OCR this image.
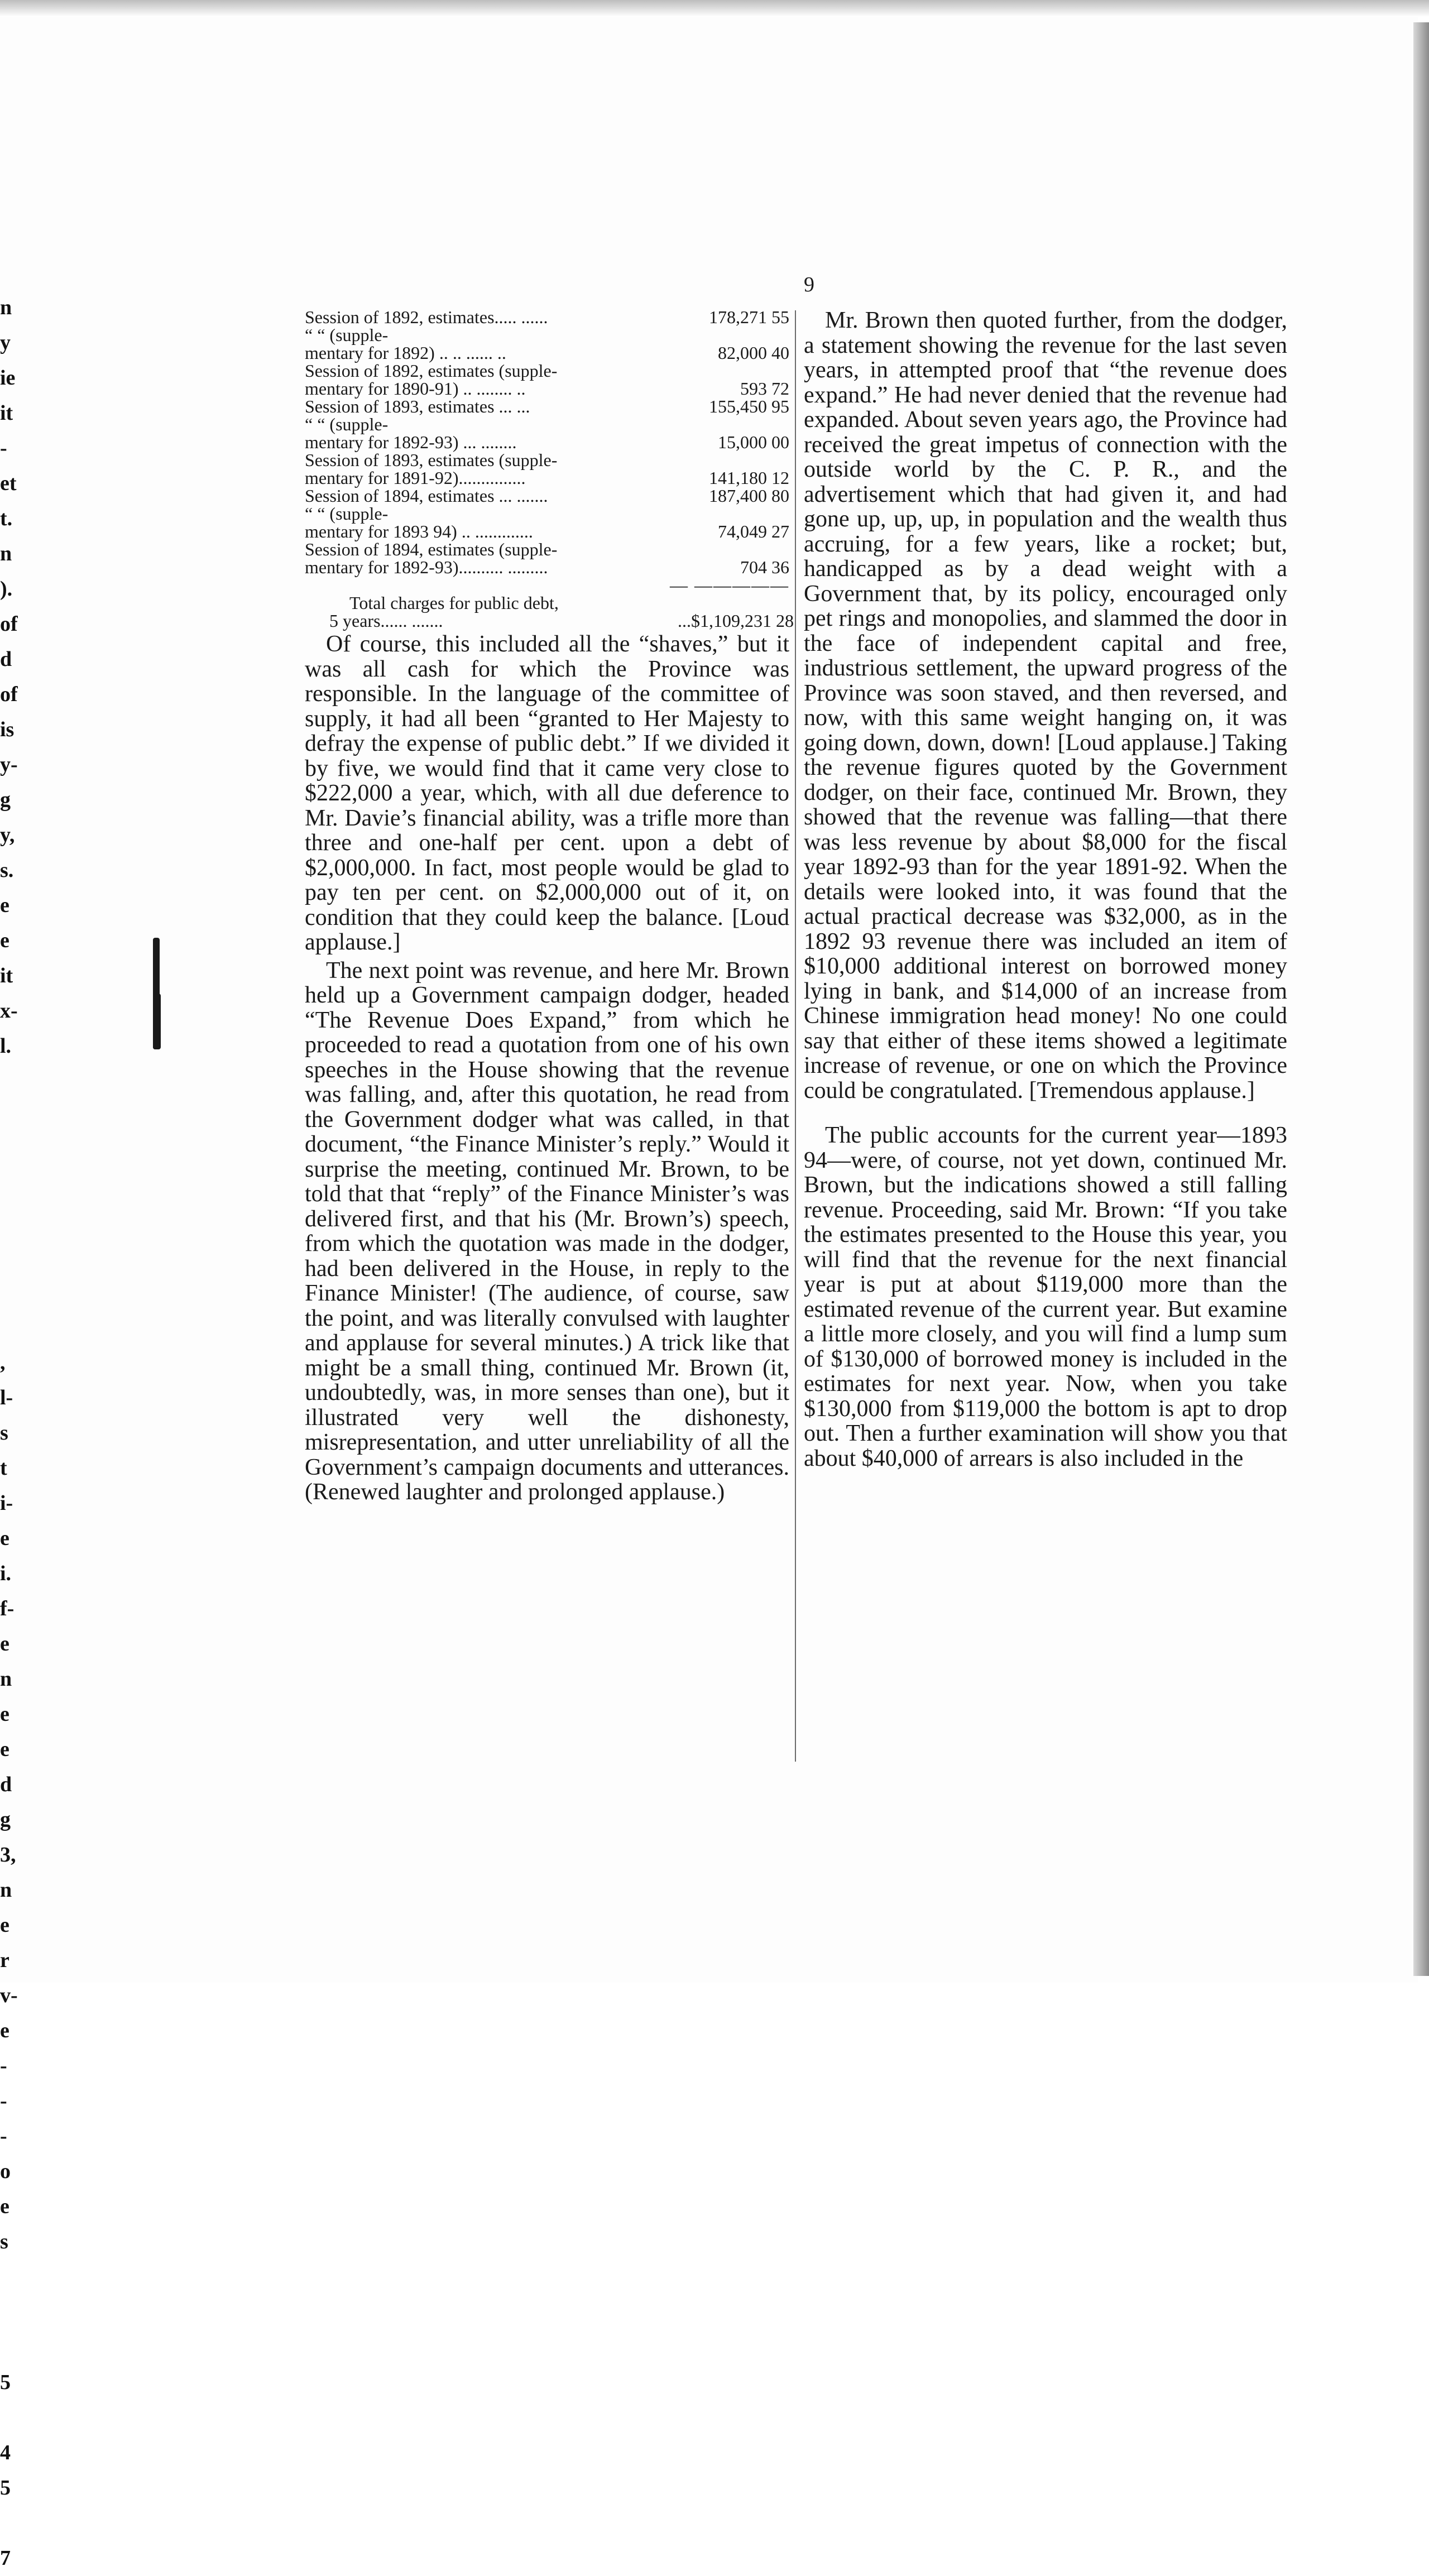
n
y
ie
it
-
et
t.
n
).
of
d
of
is
y-
g
y,
s.
e
e
it
x-
l.
,
l-
s
t
i-
e
i.
f-
e
n
e
e
d
g
3,
n
e
r
v-
e
-
-
-
o
e
s
5
4
5
7
9
Session of 1892, estimates..... ......	178,271 55
“ “ (supple-
mentary for 1892) .. .. ...... ..	82,000 40
Session of 1892, estimates (supple-
mentary for 1890-91) .. ........ ..	593 72
Session of 1893, estimates ... ...	155,450 95
“ “ (supple-
mentary for 1892-93) ... ........	15,000 00
Session of 1893, estimates (supple-
mentary for 1891-92)...............	141,180 12
Session of 1894, estimates ... .......	187,400 80
“ “ (supple-
mentary for 1893 94) .. .............	74,049 27
Session of 1894, estimates (supple-
mentary for 1892-93).......... .........	704 36
— —————
Total charges for public debt,
5 years...... .......	...$1,109,231 28

Of course, this included all the “shaves,” but it was all cash for which the Province was responsible. In the language of the committee of supply, it had all been “granted to Her Majesty to defray the expense of public debt.” If we divided it by five, we would find that it came very close to $222,000 a year, which, with all due deference to Mr. Davie’s financial ability, was a trifle more than three and one-half per cent. upon a debt of $2,000,000. In fact, most people would be glad to pay ten per cent. on $2,000,000 out of it, on condition that they could keep the balance. [Loud applause.]

The next point was revenue, and here Mr. Brown held up a Government campaign dodger, headed “The Revenue Does Expand,” from which he proceeded to read a quotation from one of his own speeches in the House showing that the revenue was falling, and, after this quotation, he read from the Government dodger what was called, in that document, “the Finance Minister’s reply.” Would it surprise the meeting, continued Mr. Brown, to be told that that “reply” of the Finance Minister’s was delivered first, and that his (Mr. Brown’s) speech, from which the quotation was made in the dodger, had been delivered in the House, in reply to the Finance Minister! (The audience, of course, saw the point, and was literally convulsed with laughter and applause for several minutes.) A trick like that might be a small thing, continued Mr. Brown (it, undoubtedly, was, in more senses than one), but it illustrated very well the dishonesty, misrepresentation, and utter unreliability of all the Government’s campaign documents and utterances. (Renewed laughter and prolonged applause.)

Mr. Brown then quoted further, from the dodger, a statement showing the revenue for the last seven years, in attempted proof that “the revenue does expand.” He had never denied that the revenue had expanded. About seven years ago, the Province had received the great impetus of connection with the outside world by the C. P. R., and the advertisement which that had given it, and had gone up, up, up, in population and the wealth thus accruing, for a few years, like a rocket; but, handicapped as by a dead weight with a Government that, by its policy, encouraged only pet rings and monopolies, and slammed the door in the face of independent capital and free, industrious settlement, the upward progress of the Province was soon staved, and then reversed, and now, with this same weight hanging on, it was going down, down, down! [Loud applause.] Taking the revenue figures quoted by the Government dodger, on their face, continued Mr. Brown, they showed that the revenue was falling—that there was less revenue by about $8,000 for the fiscal year 1892-93 than for the year 1891-92. When the details were looked into, it was found that the actual practical decrease was $32,000, as in the 1892 93 revenue there was included an item of $10,000 additional interest on borrowed money lying in bank, and $14,000 of an increase from Chinese immigration head money! No one could say that either of these items showed a legitimate increase of revenue, or one on which the Province could be congratulated. [Tremendous applause.]

The public accounts for the current year—1893 94—were, of course, not yet down, continued Mr. Brown, but the indications showed a still falling revenue. Proceeding, said Mr. Brown: “If you take the estimates presented to the House this year, you will find that the revenue for the next financial year is put at about $119,000 more than the estimated revenue of the current year. But examine a little more closely, and you will find a lump sum of $130,000 of borrowed money is included in the estimates for next year. Now, when you take $130,000 from $119,000 the bottom is apt to drop out. Then a further examination will show you that about $40,000 of arrears is also included in the
